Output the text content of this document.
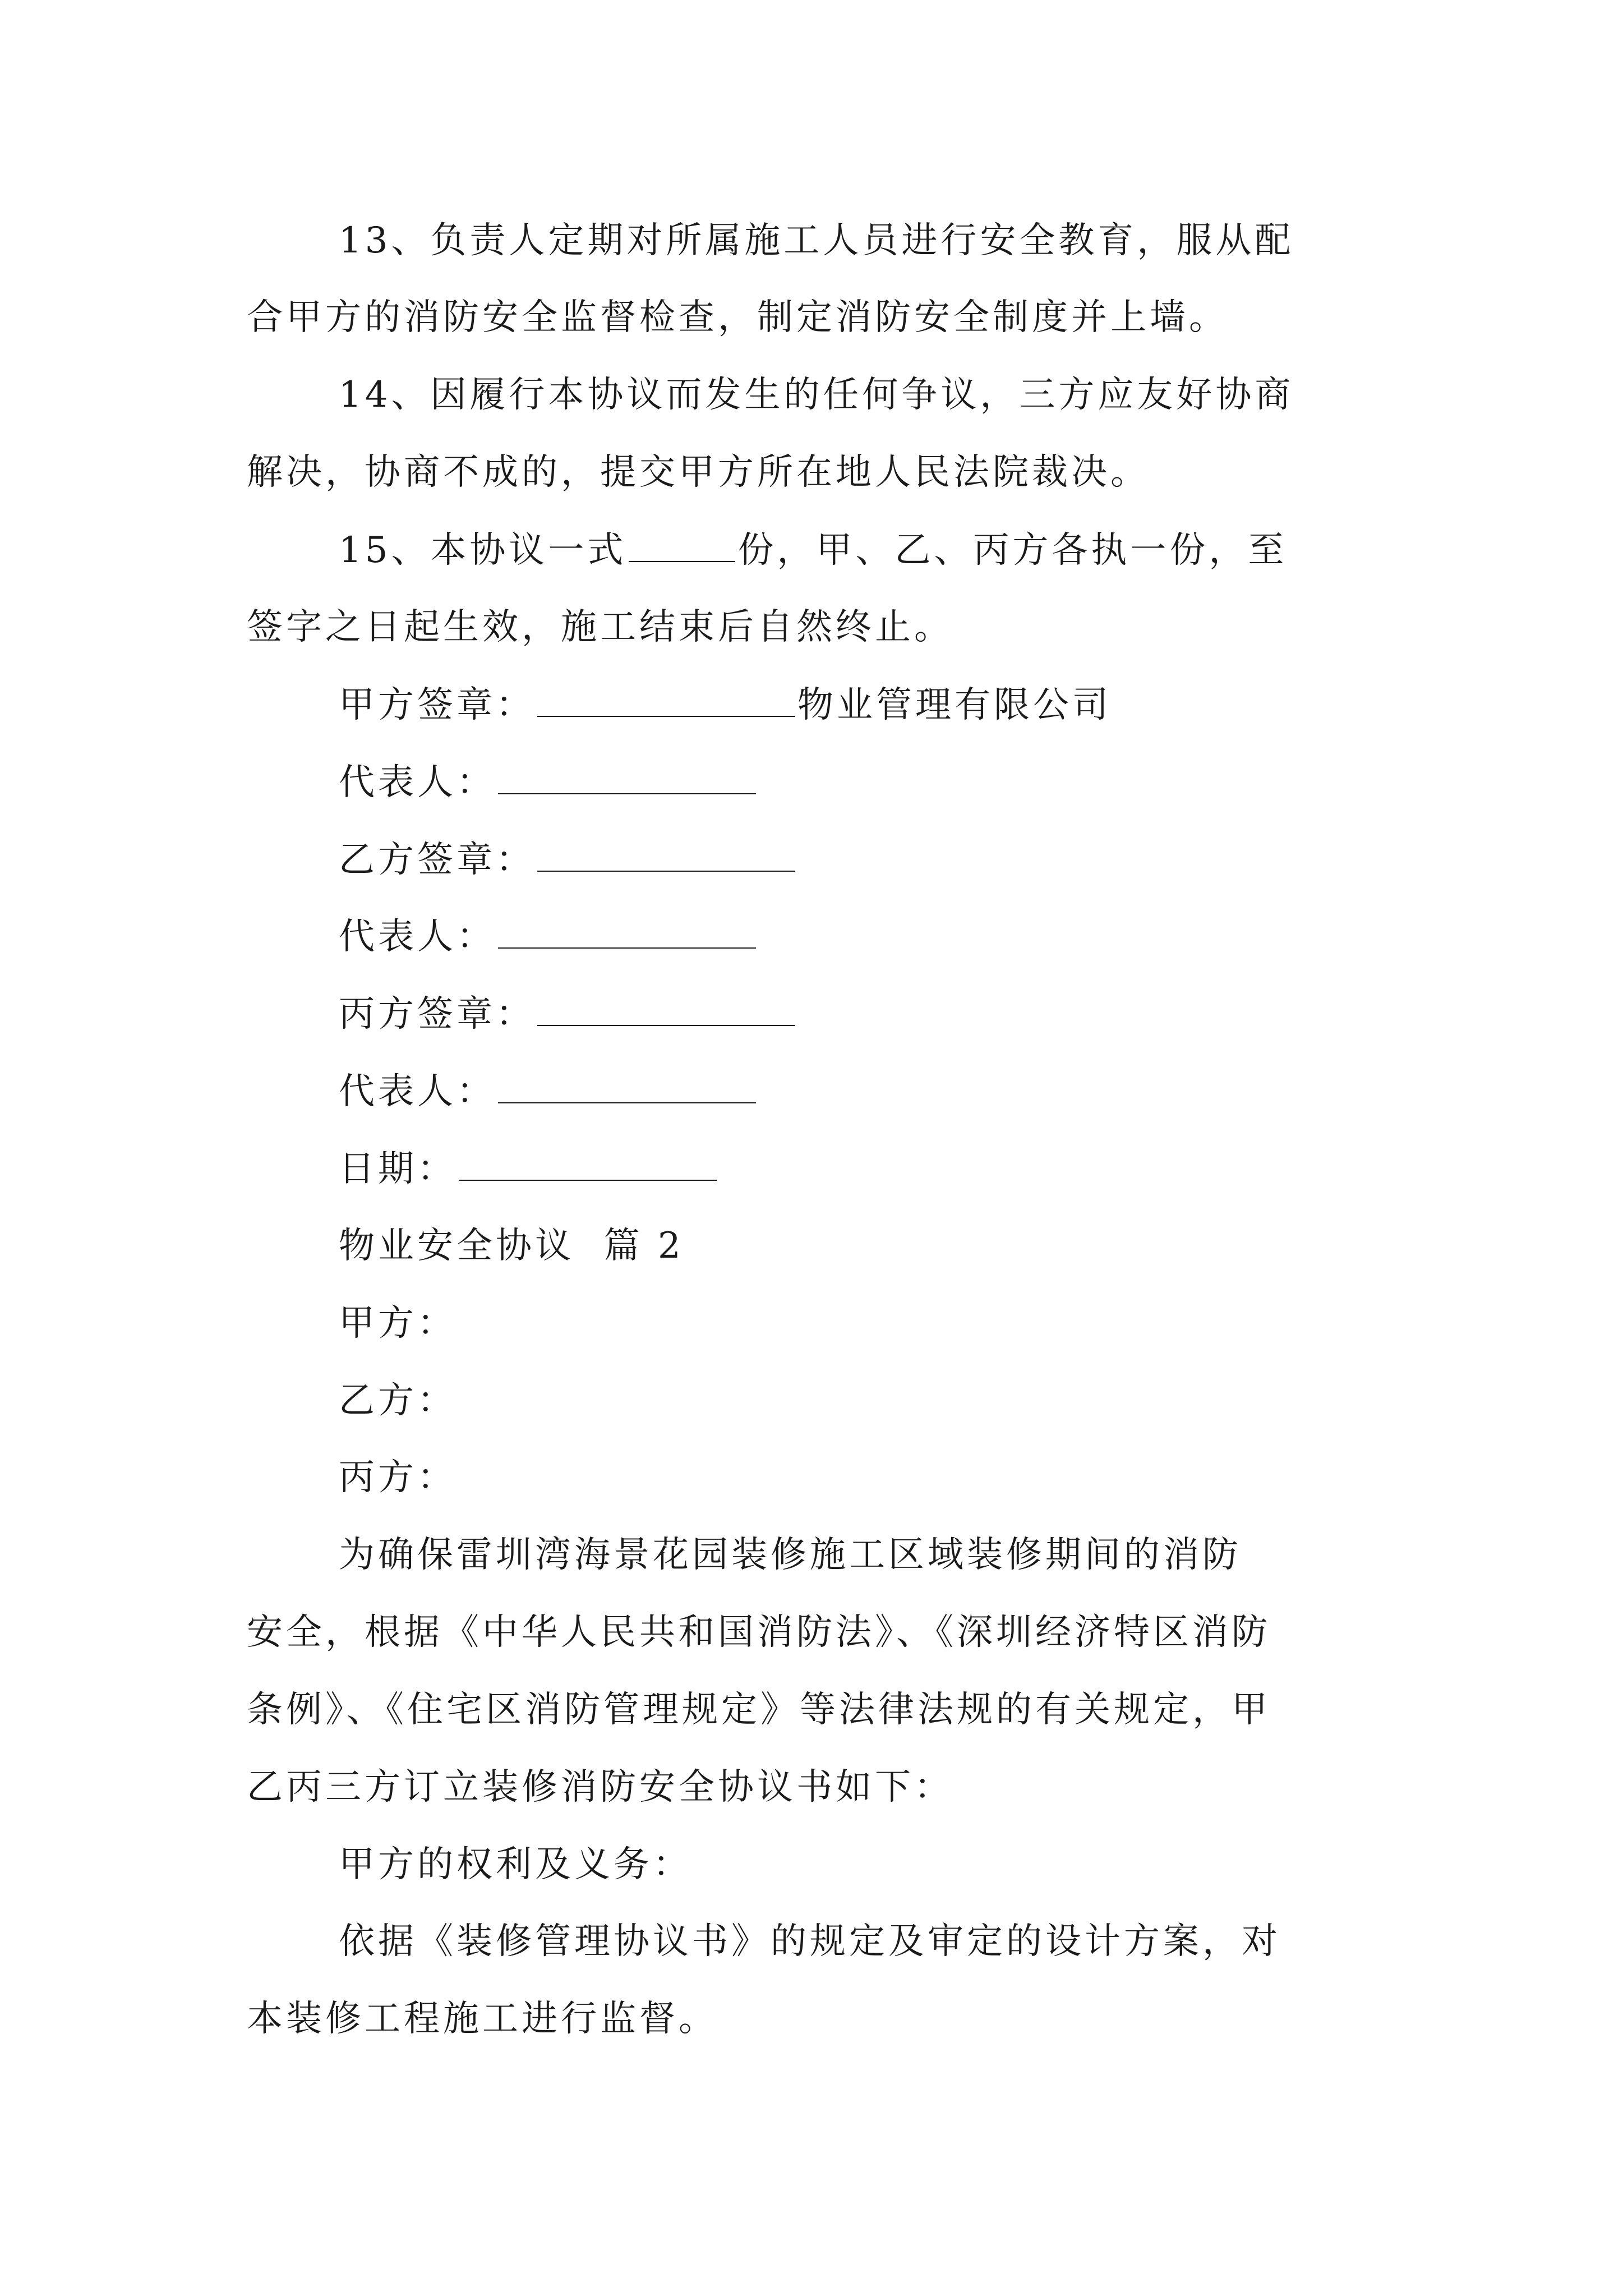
13、负责人定期对所属施工人员进行安全教育，服从配
合甲方的消防安全监督检查，制定消防安全制度并上墙。
14、因履行本协议而发生的任何争议，三方应友好协商
解决，协商不成的，提交甲方所在地人民法院裁决。
15、本协议一式	份，甲、乙、丙方各执一份，至
签字之日起生效，施工结束后自然终止。
甲方签章：	物业管理有限公司
代表人：
乙方签章：
代表人：
丙方签章：
代表人：
日期：
物业安全协议  篇 2
甲方：
乙方：
丙方：
为确保雷圳湾海景花园装修施工区域装修期间的消防
安全，根据《中华人民共和国消防法》、《深圳经济特区消防
条例》、《住宅区消防管理规定》等法律法规的有关规定，甲
乙丙三方订立装修消防安全协议书如下：
甲方的权利及义务：
依据《装修管理协议书》的规定及审定的设计方案，对
本装修工程施工进行监督。
